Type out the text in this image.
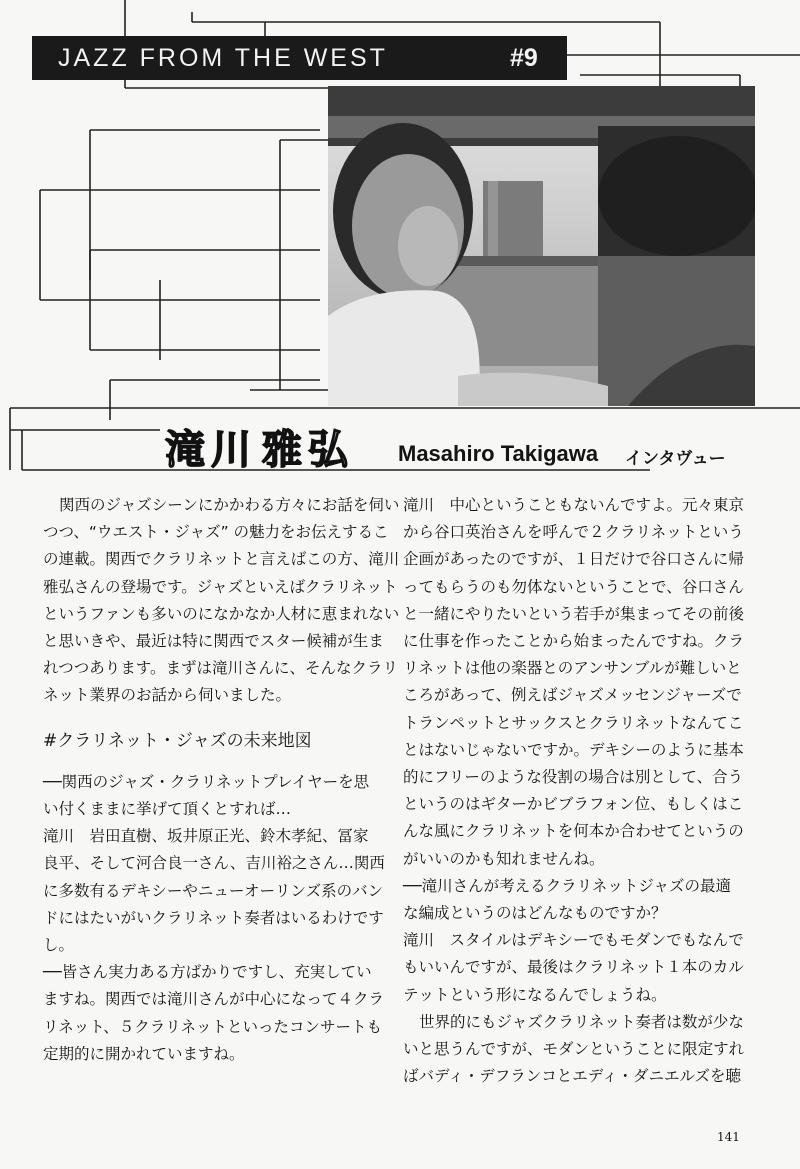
JAZZ FROM THE WEST	#9
滝川 雅弘 Masahiro Takigawa インタヴュー

関西のジャズシーンにかかわる方々にお話を伺い

つつ、“ウエスト・ジャズ” の魅力をお伝えするこ

の連載。関西でクラリネットと言えばこの方、滝川

雅弘さんの登場です。ジャズといえばクラリネット

というファンも多いのになかなか人材に恵まれない

と思いきや、最近は特に関西でスター候補が生ま

れつつあります。まずは滝川さんに、そんなクラリ

ネット業界のお話から伺いました。

#クラリネット・ジャズの未来地図

──関西のジャズ・クラリネットプレイヤーを思

い付くままに挙げて頂くとすれば…

滝川　岩田直樹、坂井原正光、鈴木孝紀、冨家

良平、そして河合良一さん、吉川裕之さん…関西

に多数有るデキシーやニューオーリンズ系のバン

ドにはたいがいクラリネット奏者はいるわけです

し。

──皆さん実力ある方ばかりですし、充実してい

ますね。関西では滝川さんが中心になって４クラ

リネット、５クラリネットといったコンサートも

定期的に開かれていますね。

滝川　中心ということもないんですよ。元々東京

から谷口英治さんを呼んで２クラリネットという

企画があったのですが、１日だけで谷口さんに帰

ってもらうのも勿体ないということで、谷口さん

と一緒にやりたいという若手が集まってその前後

に仕事を作ったことから始まったんですね。クラ

リネットは他の楽器とのアンサンブルが難しいと

ころがあって、例えばジャズメッセンジャーズで

トランペットとサックスとクラリネットなんてこ

とはないじゃないですか。デキシーのように基本

的にフリーのような役割の場合は別として、合う

というのはギターかビブラフォン位、もしくはこ

んな風にクラリネットを何本か合わせてというの

がいいのかも知れませんね。

──滝川さんが考えるクラリネットジャズの最適

な編成というのはどんなものですか？

滝川　スタイルはデキシーでもモダンでもなんで

もいいんですが、最後はクラリネット１本のカル

テットという形になるんでしょうね。

世界的にもジャズクラリネット奏者は数が少な

いと思うんですが、モダンということに限定すれ

ばバディ・デフランコとエディ・ダニエルズを聴

141
